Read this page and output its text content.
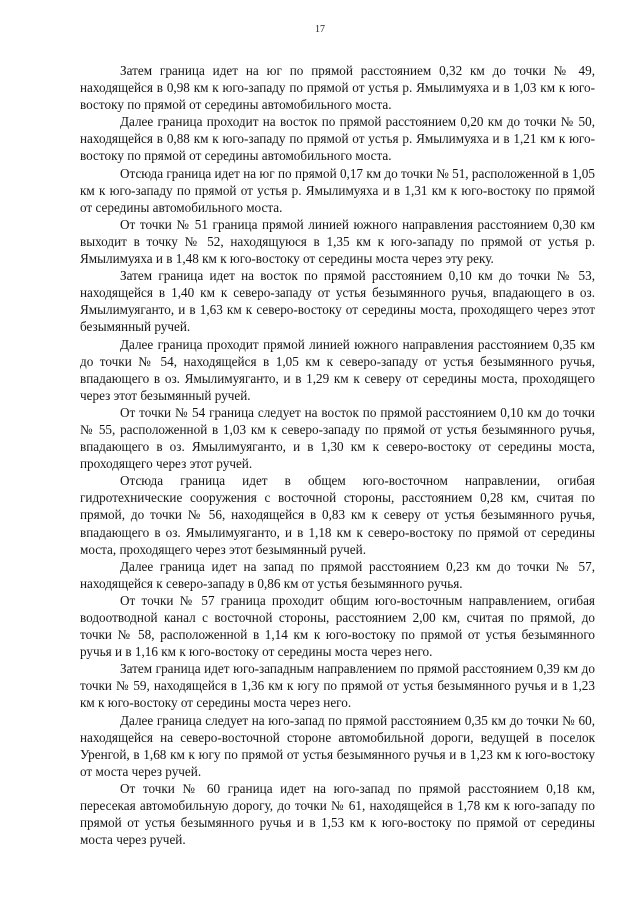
17

Затем граница идет на юг по прямой расстоянием 0,32 км до точки № 49, находящейся в 0,98 км к юго-западу по прямой от устья р. Ямылимуяха и в 1,03 км к юго-востоку по прямой от середины автомобильного моста.

Далее граница проходит на восток по прямой расстоянием 0,20 км до точки № 50, находящейся в 0,88 км к юго-западу по прямой от устья р. Ямылимуяха и в 1,21 км к юго-востоку по прямой от середины автомобильного моста.

Отсюда граница идет на юг по прямой 0,17 км до точки № 51, расположенной в 1,05 км к юго-западу по прямой от устья р. Ямылимуяха и в 1,31 км к юго-востоку по прямой от середины автомобильного моста.

От точки № 51 граница прямой линией южного направления расстоянием 0,30 км выходит в точку № 52, находящуюся в 1,35 км к юго-западу по прямой от устья р. Ямылимуяха и в 1,48 км к юго-востоку от середины моста через эту реку.

Затем граница идет на восток по прямой расстоянием 0,10 км до точки № 53, находящейся в 1,40 км к северо-западу от устья безымянного ручья, впадающего в оз. Ямылимуяганто, и в 1,63 км к северо-востоку от середины моста, проходящего через этот безымянный ручей.

Далее граница проходит прямой линией южного направления расстоянием 0,35 км до точки № 54, находящейся в 1,05 км к северо-западу от устья безымянного ручья, впадающего в оз. Ямылимуяганто, и в 1,29 км к северу от середины моста, проходящего через этот безымянный ручей.

От точки № 54 граница следует на восток по прямой расстоянием 0,10 км до точки № 55, расположенной в 1,03 км к северо-западу по прямой от устья безымянного ручья, впадающего в оз. Ямылимуяганто, и в 1,30 км к северо-востоку от середины моста, проходящего через этот ручей.

Отсюда граница идет в общем юго-восточном направлении, огибая гидротехнические сооружения с восточной стороны, расстоянием 0,28 км, считая по прямой, до точки № 56, находящейся в 0,83 км к северу от устья безымянного ручья, впадающего в оз. Ямылимуяганто, и в 1,18 км к северо-востоку по прямой от середины моста, проходящего через этот безымянный ручей.

Далее граница идет на запад по прямой расстоянием 0,23 км до точки № 57, находящейся к северо-западу в 0,86 км от устья безымянного ручья.

От точки № 57 граница проходит общим юго-восточным направлением, огибая водоотводной канал с восточной стороны, расстоянием 2,00 км, считая по прямой, до точки № 58, расположенной в 1,14 км к юго-востоку по прямой от устья безымянного ручья и в 1,16 км к юго-востоку от середины моста через него.

Затем граница идет юго-западным направлением по прямой расстоянием 0,39 км до точки № 59, находящейся в 1,36 км к югу по прямой от устья безымянного ручья и в 1,23 км к юго-востоку от середины моста через него.

Далее граница следует на юго-запад по прямой расстоянием 0,35 км до точки № 60, находящейся на северо-восточной стороне автомобильной дороги, ведущей в поселок Уренгой, в 1,68 км к югу по прямой от устья безымянного ручья и в 1,23 км к юго-востоку от моста через ручей.

От точки № 60 граница идет на юго-запад по прямой расстоянием 0,18 км, пересекая автомобильную дорогу, до точки № 61, находящейся в 1,78 км к юго-западу по прямой от устья безымянного ручья и в 1,53 км к юго-востоку по прямой от середины моста через ручей.
